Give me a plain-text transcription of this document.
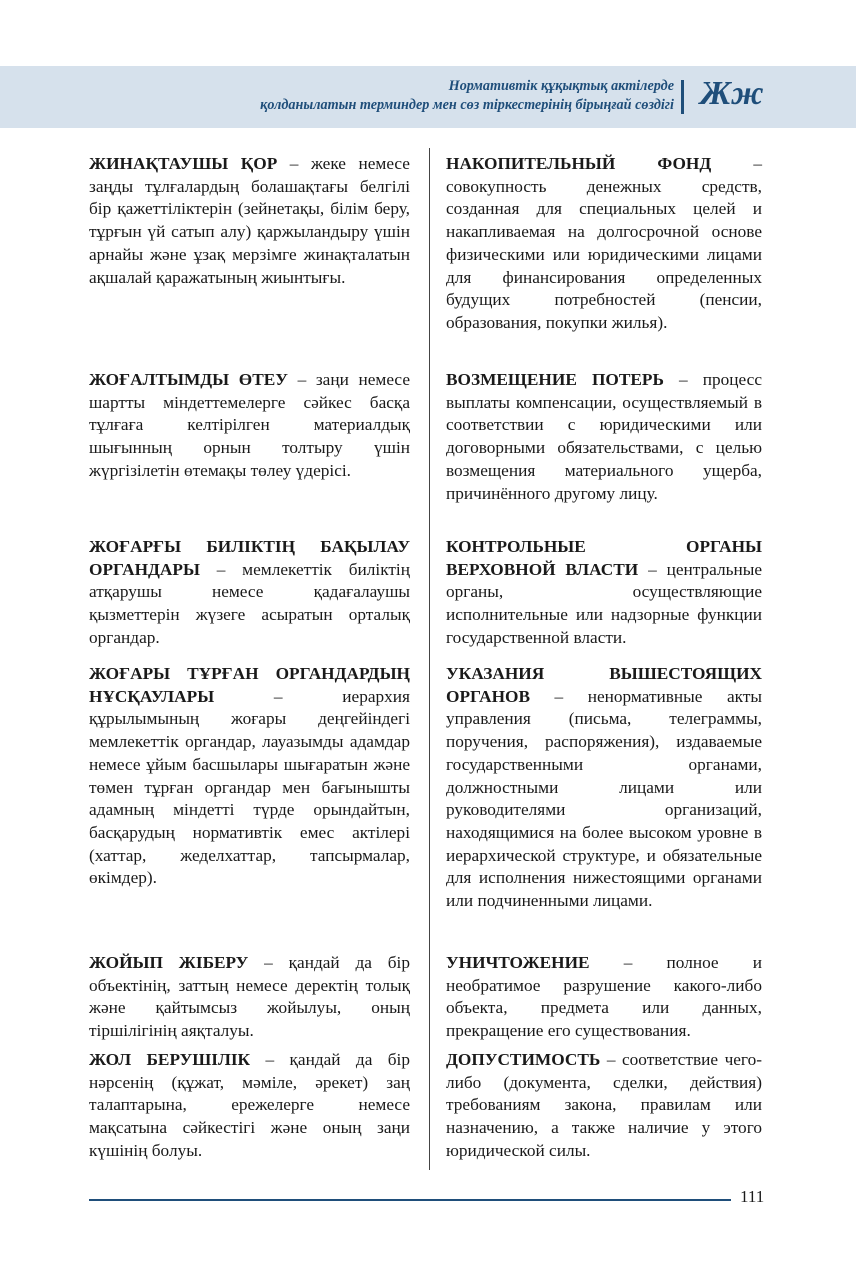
Нормативтік құқықтық актілерде
қолданылатын терминдер мен сөз тіркестерінің бірыңғай сөздігі Жж

ЖИНАҚТАУШЫ ҚОР – жеке немесе заңды тұлғалардың болашақтағы белгілі бір қажеттіліктерін (зейнетақы, білім беру, тұрғын үй сатып алу) қаржыландыру үшін арнайы және ұзақ мерзімге жинақталатын ақшалай қаражатының жиынтығы.

НАКОПИТЕЛЬНЫЙ ФОНД – совокупность денежных средств, созданная для специальных целей и накапливаемая на долгосрочной основе физическими или юридическими лицами для финансирования определенных будущих потребностей (пенсии, образования, покупки жилья).

ЖОҒАЛТЫМДЫ ӨТЕУ – заңи немесе шартты міндеттемелерге сәйкес басқа тұлғаға келтірілген материалдық шығынның орнын толтыру үшін жүргізілетін өтемақы төлеу үдерісі.

ВОЗМЕЩЕНИЕ ПОТЕРЬ – процесс выплаты компенсации, осуществляемый в соответствии с юридическими или договорными обязательствами, с целью возмещения материального ущерба, причинённого другому лицу.

ЖОҒАРҒЫ БИЛІКТІҢ БАҚЫЛАУ ОРГАНДАРЫ – мемлекеттік биліктің атқарушы немесе қадағалаушы қызметтерін жүзеге асыратын орталық органдар.

КОНТРОЛЬНЫЕ ОРГАНЫ ВЕРХОВНОЙ ВЛАСТИ – центральные органы, осуществляющие исполнительные или надзорные функции государственной власти.

ЖОҒАРЫ ТҰРҒАН ОРГАНДАРДЫҢ НҰСҚАУЛАРЫ – иерархия құрылымының жоғары деңгейіндегі мемлекеттік органдар, лауазымды адамдар немесе ұйым басшылары шығаратын және төмен тұрған органдар мен бағынышты адамның міндетті түрде орындайтын, басқарудың нормативтік емес актілері (хаттар, жеделхаттар, тапсырмалар, өкімдер).

УКАЗАНИЯ ВЫШЕСТОЯЩИХ ОРГАНОВ – ненормативные акты управления (письма, телеграммы, поручения, распоряжения), издаваемые государственными органами, должностными лицами или руководителями организаций, находящимися на более высоком уровне в иерархической структуре, и обязательные для исполнения нижестоящими органами или подчиненными лицами.

ЖОЙЫП ЖІБЕРУ – қандай да бір объектінің, заттың немесе деректің толық және қайтымсыз жойылуы, оның тіршілігінің аяқталуы.

УНИЧТОЖЕНИЕ – полное и необратимое разрушение какого-либо объекта, предмета или данных, прекращение его существования.

ЖОЛ БЕРУШІЛІК – қандай да бір нәрсенің (құжат, мәміле, әрекет) заң талаптарына, ережелерге немесе мақсатына сәйкестігі және оның заңи күшінің болуы.

ДОПУСТИМОСТЬ – соответствие чего-либо (документа, сделки, действия) требованиям закона, правилам или назначению, а также наличие у этого юридической силы.

111
